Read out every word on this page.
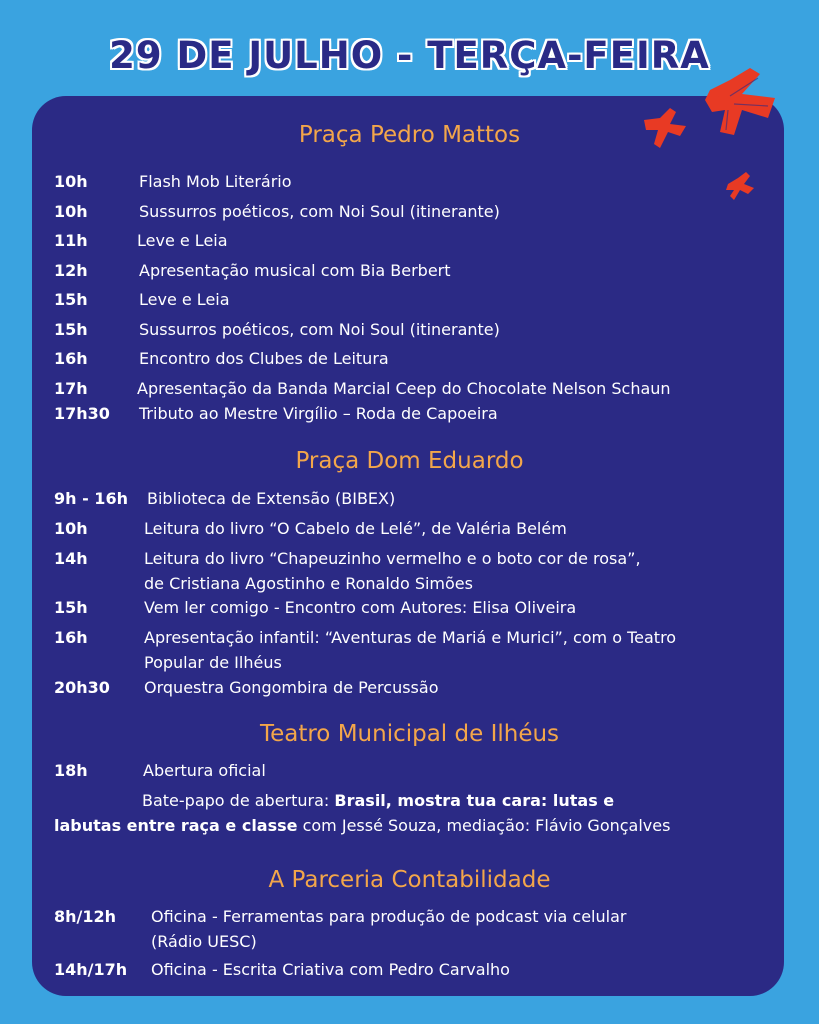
29 DE JULHO - TERÇA-FEIRA
Praça Pedro Mattos
10h	Flash Mob Literário
10h	Sussurros poéticos, com Noi Soul (itinerante)
11h	Leve e Leia
12h	Apresentação musical com Bia Berbert
15h	Leve e Leia
15h	Sussurros poéticos, com Noi Soul (itinerante)
16h	Encontro dos Clubes de Leitura
17h	Apresentação da Banda Marcial Ceep do Chocolate Nelson Schaun
17h30 Tributo ao Mestre Virgílio – Roda de Capoeira
Praça Dom Eduardo
9h - 16h Biblioteca de Extensão (BIBEX)
10h	Leitura do livro “O Cabelo de Lelé”, de Valéria Belém
14h	Leitura do livro “Chapeuzinho vermelho e o boto cor de rosa”,
de Cristiana Agostinho e Ronaldo Simões
15h	Vem ler comigo - Encontro com Autores: Elisa Oliveira
16h	Apresentação infantil: “Aventuras de Mariá e Murici”, com o Teatro
Popular de Ilhéus
20h30 Orquestra Gongombira de Percussão
Teatro Municipal de Ilhéus
18h	Abertura oficial
Bate-papo de abertura: Brasil, mostra tua cara: lutas e
labutas entre raça e classe com Jessé Souza, mediação: Flávio Gonçalves
A Parceria Contabilidade
8h/12h Oficina - Ferramentas para produção de podcast via celular
(Rádio UESC)
14h/17h Oficina - Escrita Criativa com Pedro Carvalho
